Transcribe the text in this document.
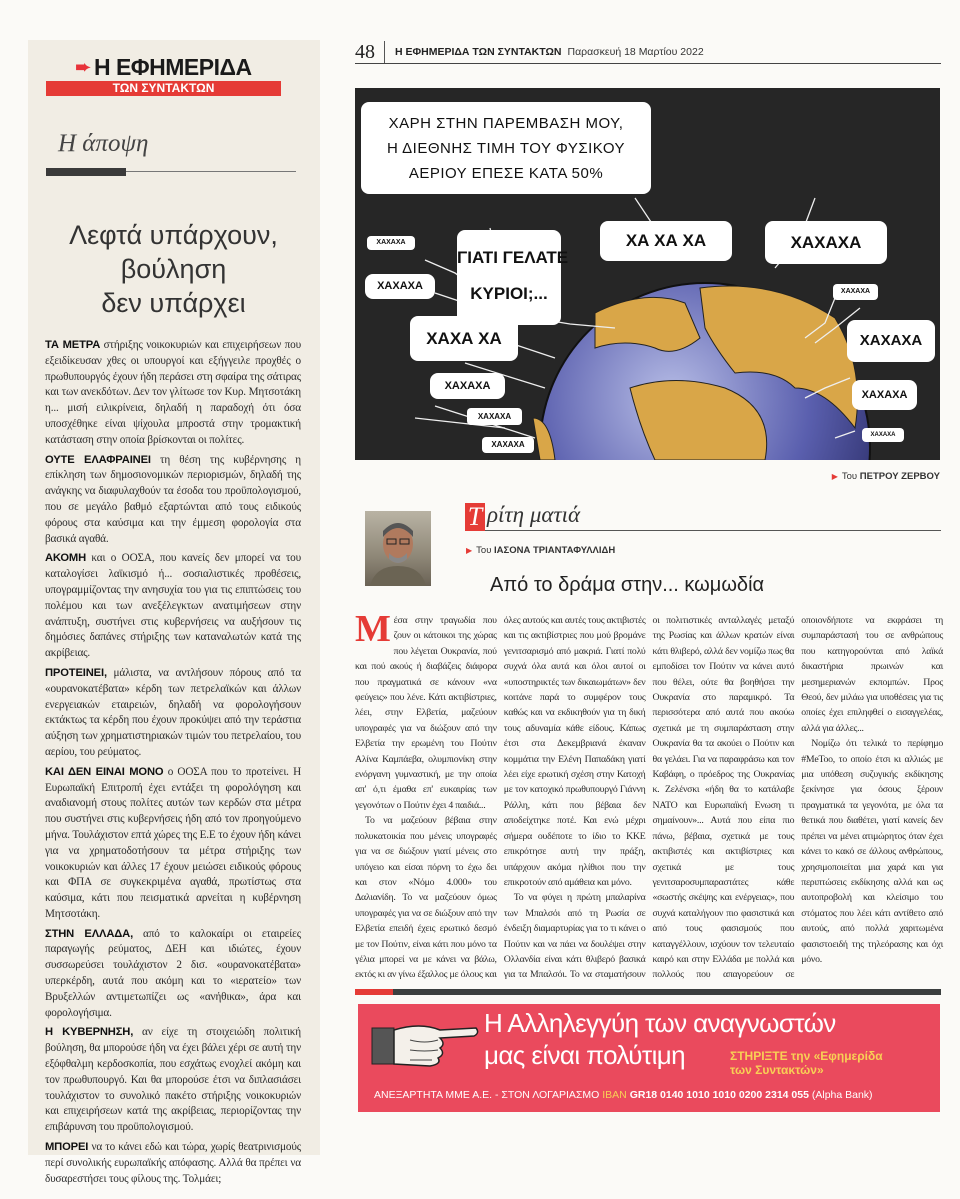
➨ Η ΕΦΗΜΕΡΙΔΑ
ΤΩΝ ΣΥΝΤΑΚΤΩΝ
Η άποψη
Λεφτά υπάρχουν,
βούληση
δεν υπάρχει

ΤΑ ΜΕΤΡΑ στήριξης νοικοκυριών και επιχειρήσεων που εξειδίκευσαν χθες οι υπουργοί και εξήγγειλε προχθές ο πρωθυπουργός έχουν ήδη περάσει στη σφαίρα της σάτιρας και των ανεκδότων. Δεν τον γλίτωσε τον Κυρ. Μητσοτάκη η... μισή ειλικρίνεια, δηλαδή η παραδοχή ότι όσα υποσχέθηκε είναι ψίχουλα μπροστά στην τρομακτική κατάσταση στην οποία βρίσκονται οι πολίτες.

ΟΥΤΕ ΕΛΑΦΡΑΙΝΕΙ τη θέση της κυβέρνησης η επίκληση των δημοσιονομικών περιορισμών, δηλαδή της ανάγκης να διαφυλαχθούν τα έσοδα του προϋπολογισμού, που σε μεγάλο βαθμό εξαρτώνται από τους ειδικούς φόρους στα καύσιμα και την έμμεση φορολογία στα βασικά αγαθά.

ΑΚΟΜΗ και ο ΟΟΣΑ, που κανείς δεν μπορεί να του καταλογίσει λαϊκισμό ή... σοσιαλιστικές προθέσεις, υπογραμμίζοντας την ανησυχία του για τις επιπτώσεις του πολέμου και των ανεξέλεγκτων ανατιμήσεων στην ανάπτυξη, συστήνει στις κυβερνήσεις να αυξήσουν τις δημόσιες δαπάνες στήριξης των καταναλωτών κατά της ακρίβειας.

ΠΡΟΤΕΙΝΕΙ, μάλιστα, να αντλήσουν πόρους από τα «ουρανοκατέβατα» κέρδη των πετρελαϊκών και άλλων ενεργειακών εταιρειών, δηλαδή να φορολογήσουν εκτάκτως τα κέρδη που έχουν προκύψει από την τεράστια αύξηση των χρηματιστηριακών τιμών του πετρελαίου, του αερίου, του ρεύματος.

ΚΑΙ ΔΕΝ ΕΙΝΑΙ ΜΟΝΟ ο ΟΟΣΑ που το προτείνει. Η Ευρωπαϊκή Επιτροπή έχει εντάξει τη φορολόγηση και αναδιανομή στους πολίτες αυτών των κερδών στα μέτρα που συστήνει στις κυβερνήσεις ήδη από τον προηγούμενο μήνα. Τουλάχιστον επτά χώρες της Ε.Ε το έχουν ήδη κάνει για να χρηματοδοτήσουν τα μέτρα στήριξης των νοικοκυριών και άλλες 17 έχουν μειώσει ειδικούς φόρους και ΦΠΑ σε συγκεκριμένα αγαθά, πρωτίστως στα καύσιμα, κάτι που πεισματικά αρνείται η κυβέρνηση Μητσοτάκη.

ΣΤΗΝ ΕΛΛΑΔΑ, από το καλοκαίρι οι εταιρείες παραγωγής ρεύματος, ΔΕΗ και ιδιώτες, έχουν συσσωρεύσει τουλάχιστον 2 δισ. «ουρανοκατέβατα» υπερκέρδη, αυτά που ακόμη και το «ιερατείο» των Βρυξελλών αντιμετωπίζει ως «ανήθικα», άρα και φορολογήσιμα.

Η ΚΥΒΕΡΝΗΣΗ, αν είχε τη στοιχειώδη πολιτική βούληση, θα μπορούσε ήδη να έχει βάλει χέρι σε αυτή την εξόφθαλμη κερδοσκοπία, που εσχάτως ενοχλεί ακόμη και τον πρωθυπουργό. Και θα μπορούσε έτσι να διπλασιάσει τουλάχιστον το συνολικό πακέτο στήριξης νοικοκυριών και επιχειρήσεων κατά της ακρίβειας, περιορίζοντας την επιβάρυνση του προϋπολογισμού.

ΜΠΟΡΕΙ να το κάνει εδώ και τώρα, χωρίς θεατρινισμούς περί συνολικής ευρωπαϊκής απόφασης. Αλλά θα πρέπει να δυσαρεστήσει τους φίλους της. Τολμάει;

48	Η ΕΦΗΜΕΡΙΔΑ ΤΩΝ ΣΥΝΤΑΚΤΩΝ Παρασκευή 18 Μαρτίου 2022
ΧΑΡΗ ΣΤΗΝ ΠΑΡΕΜΒΑΣΗ ΜΟΥ,
Η ΔΙΕΘΝΗΣ ΤΙΜΗ ΤΟΥ ΦΥΣΙΚΟΥ
ΑΕΡΙΟΥ ΕΠΕΣΕ ΚΑΤΑ 50%
ΓΙΑΤΙ ΓΕΛΑΤΕ
ΚΥΡΙΟΙ;...
ΧΑ ΧΑ ΧΑ	ΧΑΧΑΧΑ
ΧΑΧΑΧΑ
ΧΑΧΑΧΑ
ΧΑΧΑ ΧΑ
ΧΑΧΑΧΑ
ΧΑΧΑΧΑ
ΧΑΧΑΧΑ
ΧΑΧΑΧΑ
ΧΑΧΑΧΑ
ΧΑΧΑΧΑ
ΧΑΧΑΧΑ
▶ Του ΠΕΤΡΟΥ ΖΕΡΒΟΥ
Τ ρίτη ματιά
▶ Του ΙΑΣΟΝΑ ΤΡΙΑΝΤΑΦΥΛΛΙΔΗ
Από το δράμα στην... κωμωδία

Μέσα στην τραγωδία που ζουν οι κάτοικοι της χώρας που λέγεται Ουκρανία, πού και πού ακούς ή διαβάζεις διάφορα που πραγματικά σε κάνουν «να φεύγεις» που λένε. Κάτι ακτιβίστριες, λέει, στην Ελβετία, μαζεύουν υπογραφές για να διώξουν από την Ελβετία την ερωμένη του Πούτιν Αλίνα Καμπάεβα, ολυμπιονίκη στην ενόργανη γυμναστική, με την οποία απ' ό,τι έμαθα επ' ευκαιρίας των γεγονότων ο Πούτιν έχει 4 παιδιά...

Το να μαζεύουν βέβαια στην πολυκατοικία που μένεις υπογραφές για να σε διώξουν γιατί μένεις στο υπόγειο και είσαι πόρνη το έχω δει και στον «Νόμο 4.000» του Δαλιανίδη. Το να μαζεύουν όμως υπογραφές για να σε διώξουν από την Ελβετία επειδή έχεις ερωτικό δεσμό με τον Πούτιν, είναι κάτι που μόνο τα γέλια μπορεί να με κάνει να βάλω, εκτός κι αν γίνω έξαλλος με όλους και όλες αυτούς και αυτές τους ακτιβιστές και τις ακτιβίστριες που μού βρομάνε γενιτσαρισμό από μακριά. Γιατί πολύ συχνά όλα αυτά και όλοι αυτοί οι «υποστηρικτές των δικαιωμάτων» δεν κοιτάνε παρά το συμφέρον τους καθώς και να εκδικηθούν για τη δική τους αδυναμία κάθε είδους. Κάπως έτσι στα Δεκεμβριανά έκαναν κομμάτια την Ελένη Παπαδάκη γιατί λέει είχε ερωτική σχέση στην Κατοχή με τον κατοχικό πρωθυπουργό Γιάννη Ράλλη, κάτι που βέβαια δεν αποδείχτηκε ποτέ. Και ενώ μέχρι σήμερα ουδέποτε το ίδιο το ΚΚΕ επικρότησε αυτή την πράξη, υπάρχουν ακόμα ηλίθιοι που την επικροτούν από αμάθεια και μόνο.

Το να φύγει η πρώτη μπαλαρίνα των Μπαλσόι από τη Ρωσία σε ένδειξη διαμαρτυρίας για το τι κάνει ο Πούτιν και να πάει να δουλέψει στην Ολλανδία είναι κάτι θλιβερό βασικά για τα Μπαλσόι. Το να σταματήσουν οι πολιτιστικές ανταλλαγές μεταξύ της Ρωσίας και άλλων κρατών είναι κάτι θλιβερό, αλλά δεν νομίζω πως θα εμποδίσει τον Πούτιν να κάνει αυτό που θέλει, ούτε θα βοηθήσει την Ουκρανία στο παραμικρό. Τα περισσότερα από αυτά που ακούω σχετικά με τη συμπαράσταση στην Ουκρανία θα τα ακούει ο Πούτιν και θα γελάει. Για να παραφράσω και τον Καβάφη, ο πρόεδρος της Ουκρανίας κ. Ζελένσκι «ήδη θα το κατάλαβε ΝΑΤΟ και Ευρωπαϊκή Ενωση τι σημαίνουν»... Αυτά που είπα πιο πάνω, βέβαια, σχετικά με τους ακτιβιστές και ακτιβίστριες και σχετικά με τους γενιτσαροσυμπαραστάτες κάθε «σωστής σκέψης και ενέργειας», που συχνά καταλήγουν πιο φασιστικά και από τους φασισμούς που καταγγέλλουν, ισχύουν τον τελευταίο καιρό και στην Ελλάδα με πολλά και πολλούς που απαγορεύουν σε οποιονδήποτε να εκφράσει τη συμπαράστασή του σε ανθρώπους που κατηγορούνται από λαϊκά δικαστήρια πρωινών και μεσημεριανών εκπομπών. Προς Θεού, δεν μιλάω για υποθέσεις για τις οποίες έχει επιληφθεί ο εισαγγελέας, αλλά για άλλες...

Νομίζω ότι τελικά το περίφημο #MeToo, το οποίο έτσι κι αλλιώς με μια υπόθεση συζυγικής εκδίκησης ξεκίνησε για όσους ξέρουν πραγματικά τα γεγονότα, με όλα τα θετικά που διαθέτει, γιατί κανείς δεν πρέπει να μένει ατιμώρητος όταν έχει κάνει το κακό σε άλλους ανθρώπους, χρησιμοποιείται μια χαρά και για περιπτώσεις εκδίκησης αλλά και ως αυτοπροβολή και κλείσιμο του στόματος που λέει κάτι αντίθετο από αυτούς, από πολλά χαριτωμένα φασιστοειδή της τηλεόρασης και όχι μόνο.

Η Αλληλεγγύη των αναγνωστών
μας είναι πολύτιμη	ΣΤΗΡΙΞΤΕ την «Εφημερίδα
των Συντακτών»
ΑΝΕΞΑΡΤΗΤΑ ΜΜΕ Α.Ε. - ΣΤΟΝ ΛΟΓΑΡΙΑΣΜΟ IBAN GR18 0140 1010 1010 0200 2314 055 (Alpha Bank)
